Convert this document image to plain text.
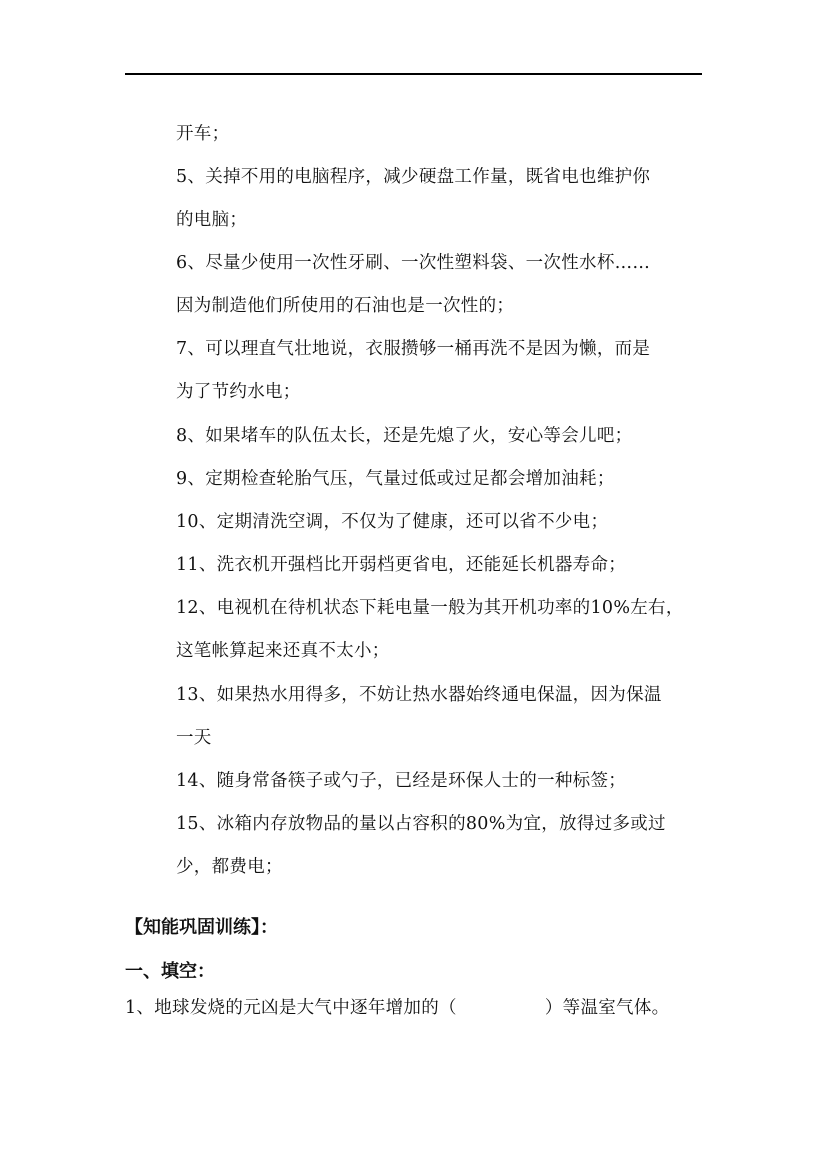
开车；
5、关掉不用的电脑程序，减少硬盘工作量，既省电也维护你
的电脑；
6、尽量少使用一次性牙刷、一次性塑料袋、一次性水杯……
因为制造他们所使用的石油也是一次性的；
7、可以理直气壮地说，衣服攒够一桶再洗不是因为懒，而是
为了节约水电；
8、如果堵车的队伍太长，还是先熄了火，安心等会儿吧；
9、定期检查轮胎气压，气量过低或过足都会增加油耗；
10、定期清洗空调，不仅为了健康，还可以省不少电；
11、洗衣机开强档比开弱档更省电，还能延长机器寿命；
12、电视机在待机状态下耗电量一般为其开机功率的10%左右，
这笔帐算起来还真不太小；
13、如果热水用得多，不妨让热水器始终通电保温，因为保温
一天
14、随身常备筷子或勺子，已经是环保人士的一种标签；
15、冰箱内存放物品的量以占容积的80%为宜，放得过多或过
少，都费电；
【知能巩固训练】：
一、填空：
1、地球发烧的元凶是大气中逐年增加的（	）等温室气体。
